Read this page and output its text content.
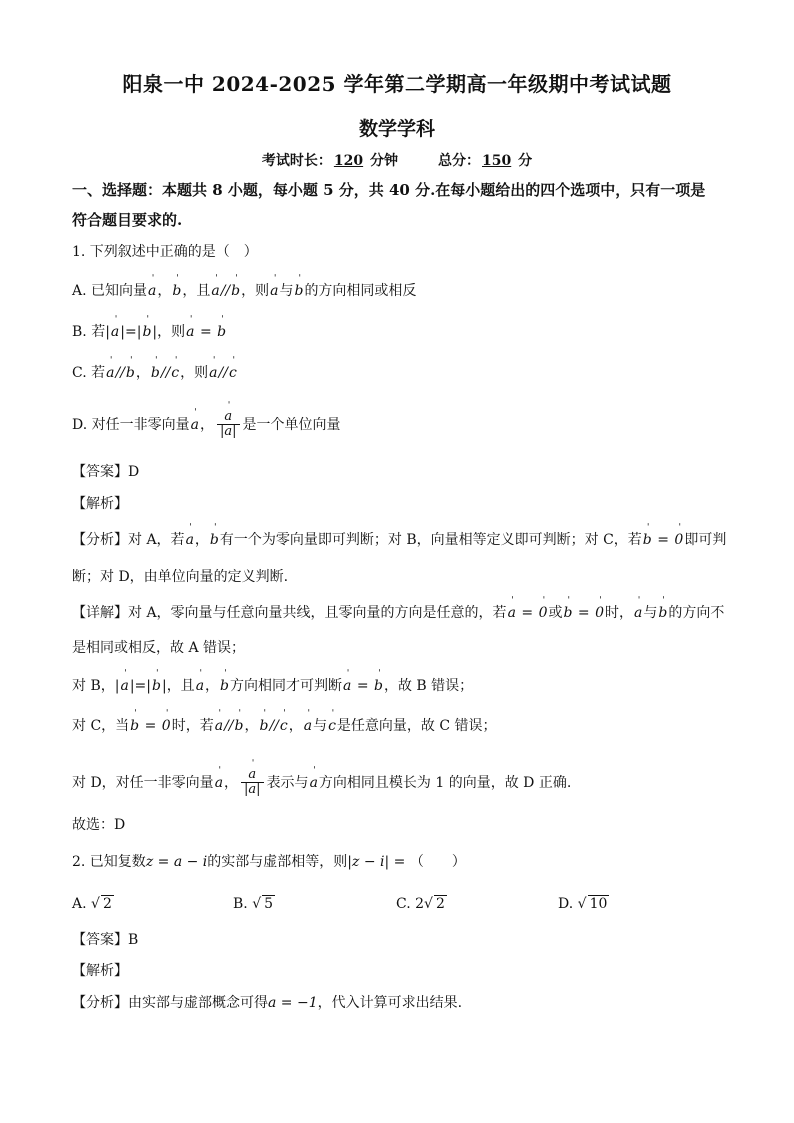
阳泉一中 2024-2025 学年第二学期高一年级期中考试试题
数学学科
考试时长： 120 分钟	总分： 150 分
一、选择题：本题共 8 小题，每小题 5 分，共 40 分.在每小题给出的四个选项中，只有一项是
符合题目要求的.
1. 下列叙述中正确的是（　）
A. 已知向量ˈ a，ˈ b，且ˈ a//ˈ b，则ˈ a与ˈ b的方向相同或相反
B. 若|ˈ a|=|ˈ b|，则ˈ a = ˈ b
C. 若ˈ a//ˈ b，ˈ b//ˈ c，则ˈ a//ˈ c
D. 对任一非零向量ˈ a， ˈ $\frac{a}{|a|}$ 是一个单位向量
【答案】D
【解析】
【分析】对 A，若ˈ a，ˈ b有一个为零向量即可判断；对 B，向量相等定义即可判断；对 C，若ˈ b = ˈ 0即可判
断；对 D，由单位向量的定义判断.
【详解】对 A，零向量与任意向量共线，且零向量的方向是任意的，若ˈ a = ˈ 0或ˈ b = ˈ 0时，ˈ a与ˈ b的方向不
是相同或相反，故 A 错误；
对 B，|ˈ a|=|ˈ b|，且ˈ a，ˈ b方向相同才可判断ˈ a = ˈ b，故 B 错误；
对 C，当ˈ b = ˈ 0时，若ˈ a//ˈ b，ˈ b//ˈ c，ˈ a与ˈ c是任意向量，故 C 错误；
对 D，对任一非零向量ˈ a， ˈ $\frac{a}{|a|}$ 表示与ˈ a方向相同且模长为 1 的向量，故 D 正确.
故选：D
2. 已知复数z = a − i的实部与虚部相等，则|z − i| = （　　）
A. √ 2	B. √ 5	C. 2√ 2	D. √ 10
【答案】B
【解析】
【分析】由实部与虚部概念可得a = −1，代入计算可求出结果.
